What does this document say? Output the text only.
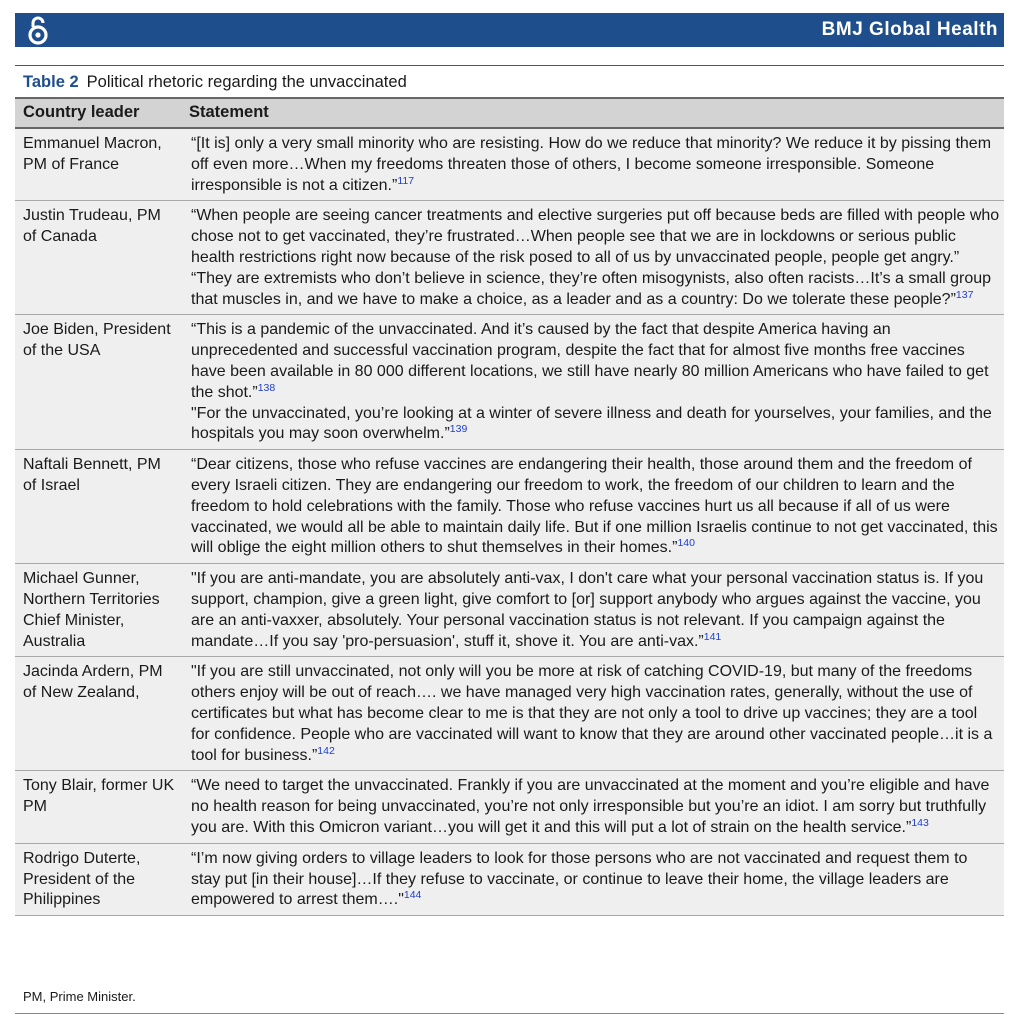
BMJ Global Health
Table 2 Political rhetoric regarding the unvaccinated
Country leader	Statement
Emmanuel Macron, PM of France	“[It is] only a very small minority who are resisting. How do we reduce that minority? We reduce it by pissing them off even more…When my freedoms threaten those of others, I become someone irresponsible. Someone irresponsible is not a citizen.”$^{117}$

Justin Trudeau, PM of Canada	“When people are seeing cancer treatments and elective surgeries put off because beds are filled with people who chose not to get vaccinated, they’re frustrated…When people see that we are in lockdowns or serious public health restrictions right now because of the risk posed to all of us by unvaccinated people, people get angry.”
“They are extremists who don’t believe in science, they’re often misogynists, also often racists…It’s a small group that muscles in, and we have to make a choice, as a leader and as a country: Do we tolerate these people?”$^{137}$

Joe Biden, President of the USA	“This is a pandemic of the unvaccinated. And it’s caused by the fact that despite America having an unprecedented and successful vaccination program, despite the fact that for almost five months free vaccines have been available in 80 000 different locations, we still have nearly 80 million Americans who have failed to get the shot.”$^{138}$
"For the unvaccinated, you’re looking at a winter of severe illness and death for yourselves, your families, and the hospitals you may soon overwhelm.”$^{139}$

Naftali Bennett, PM of Israel	“Dear citizens, those who refuse vaccines are endangering their health, those around them and the freedom of every Israeli citizen. They are endangering our freedom to work, the freedom of our children to learn and the freedom to hold celebrations with the family. Those who refuse vaccines hurt us all because if all of us were vaccinated, we would all be able to maintain daily life. But if one million Israelis continue to not get vaccinated, this will oblige the eight million others to shut themselves in their homes.”$^{140}$

Michael Gunner, Northern Territories Chief Minister, Australia	"If you are anti-mandate, you are absolutely anti-vax, I don't care what your personal vaccination status is. If you support, champion, give a green light, give comfort to [or] support anybody who argues against the vaccine, you are an anti-vaxxer, absolutely. Your personal vaccination status is not relevant. If you campaign against the mandate…If you say 'pro-persuasion', stuff it, shove it. You are anti-vax.”$^{141}$

Jacinda Ardern, PM of New Zealand,	"If you are still unvaccinated, not only will you be more at risk of catching COVID-19, but many of the freedoms others enjoy will be out of reach…. we have managed very high vaccination rates, generally, without the use of certificates but what has become clear to me is that they are not only a tool to drive up vaccines; they are a tool for confidence. People who are vaccinated will want to know that they are around other vaccinated people…it is a tool for business.”$^{142}$

Tony Blair, former UK PM	“We need to target the unvaccinated. Frankly if you are unvaccinated at the moment and you’re eligible and have no health reason for being unvaccinated, you’re not only irresponsible but you’re an idiot. I am sorry but truthfully you are. With this Omicron variant…you will get it and this will put a lot of strain on the health service.”$^{143}$

Rodrigo Duterte, President of the Philippines	“I’m now giving orders to village leaders to look for those persons who are not vaccinated and request them to stay put [in their house]…If they refuse to vaccinate, or continue to leave their home, the village leaders are empowered to arrest them…."$^{144}$
PM, Prime Minister.
